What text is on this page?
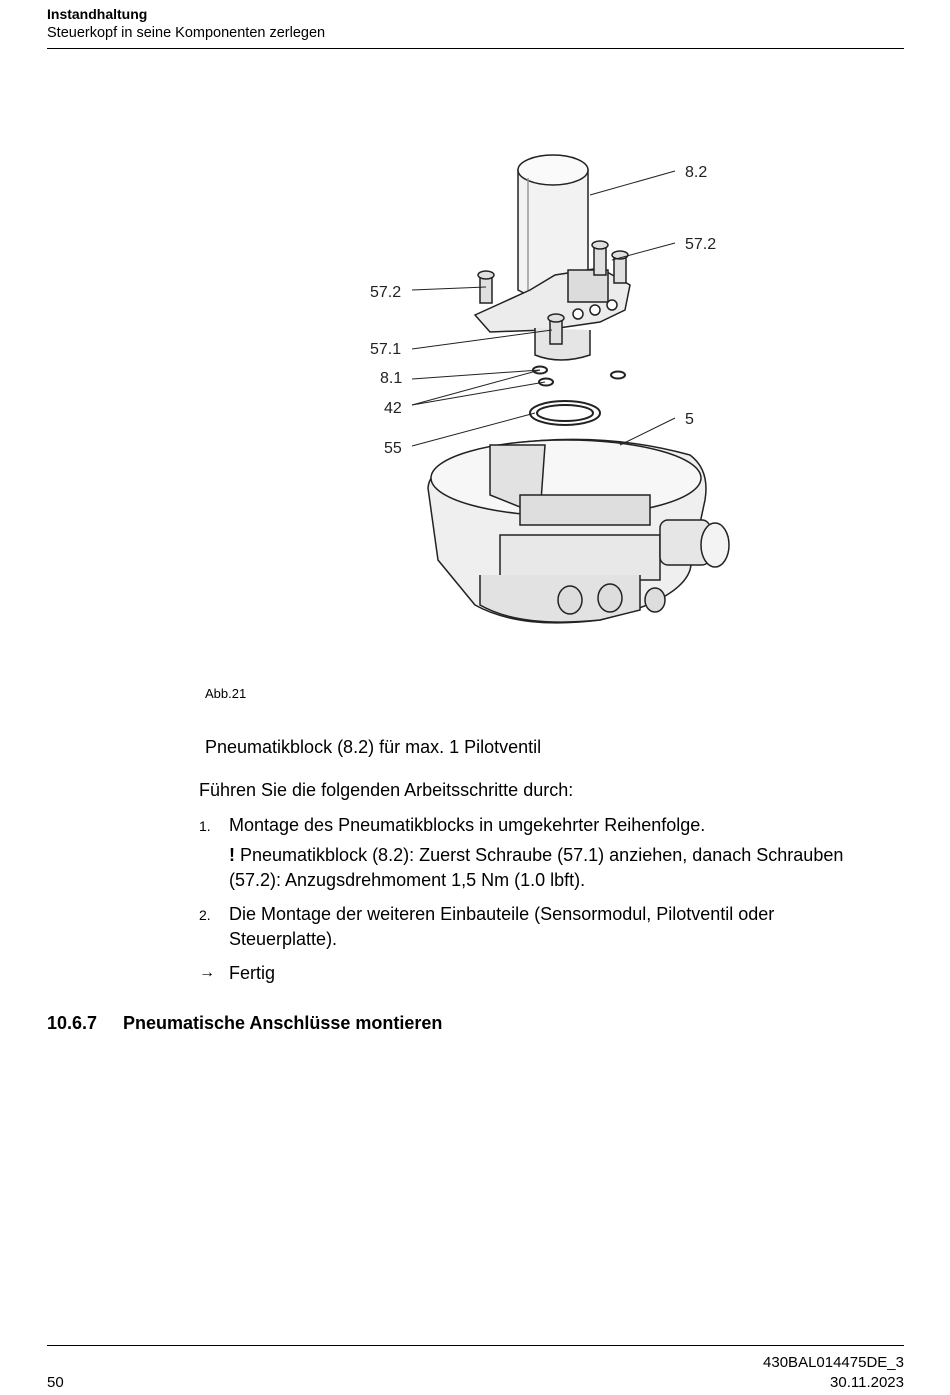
Instandhaltung
Steuerkopf in seine Komponenten zerlegen
8.2
57.2
57.2
57.1
8.1
42
55
5
Abb.21
Pneumatikblock (8.2) für max. 1 Pilotventil
Führen Sie die folgenden Arbeitsschritte durch:
1. Montage des Pneumatikblocks in umgekehrter Reihenfolge.
! Pneumatikblock (8.2): Zuerst Schraube (57.1) anziehen, danach Schrauben
(57.2): Anzugsdrehmoment 1,5 Nm (1.0 lbft).
2. Die Montage der weiteren Einbauteile (Sensormodul, Pilotventil oder
Steuerplatte).
→ Fertig
10.6.7 Pneumatische Anschlüsse montieren
430BAL014475DE_3
50	30.11.2023
